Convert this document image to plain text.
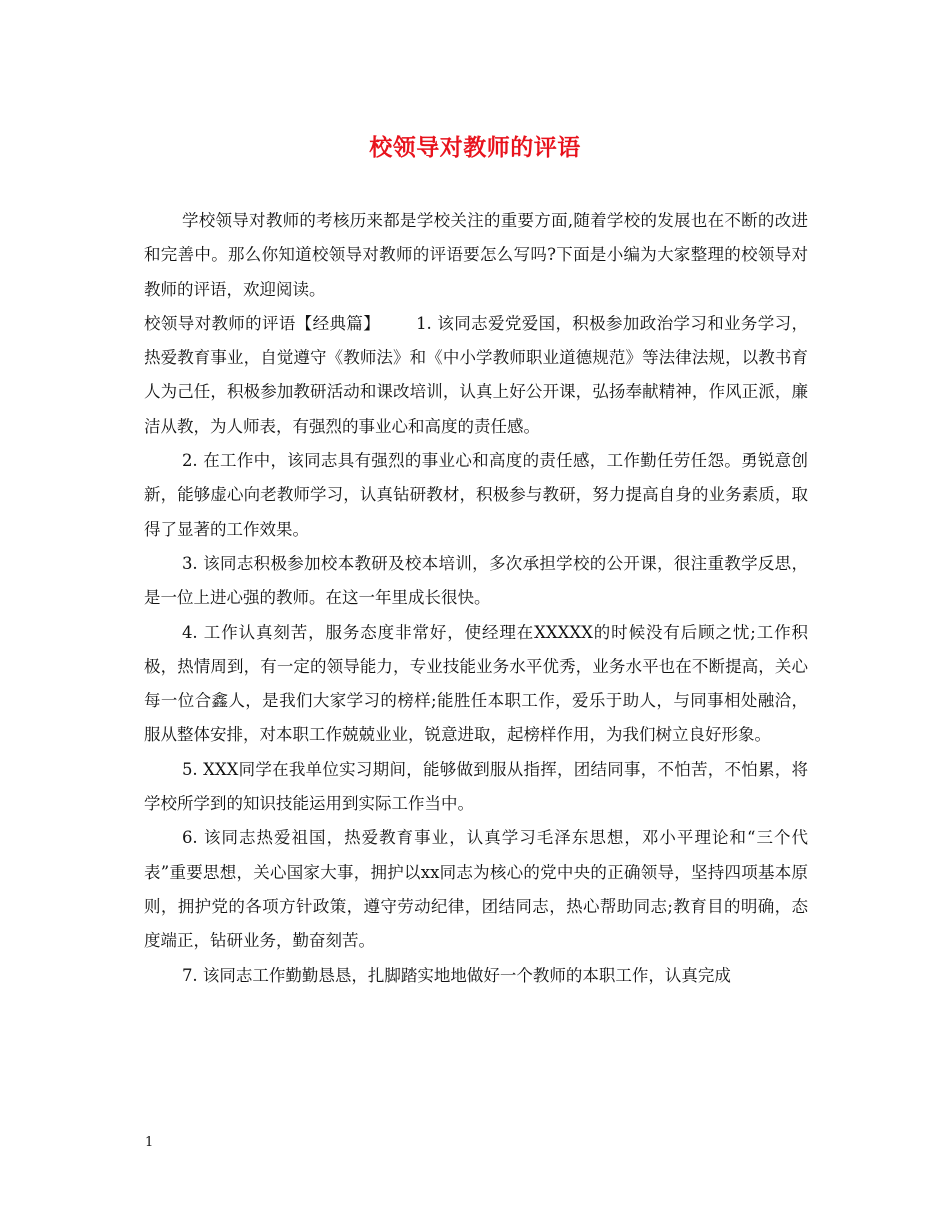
校领导对教师的评语

学校领导对教师的考核历来都是学校关注的重要方面,随着学校的发展也在不断的改进和完善中。那么你知道校领导对教师的评语要怎么写吗?下面是小编为大家整理的校领导对教师的评语，欢迎阅读。

校领导对教师的评语【经典篇】 1. 该同志爱党爱国，积极参加政治学习和业务学习，热爱教育事业，自觉遵守《教师法》和《中小学教师职业道德规范》等法律法规，以教书育人为己任，积极参加教研活动和课改培训，认真上好公开课，弘扬奉献精神，作风正派，廉洁从教，为人师表，有强烈的事业心和高度的责任感。

2. 在工作中，该同志具有强烈的事业心和高度的责任感，工作勤任劳任怨。勇锐意创新，能够虚心向老教师学习，认真钻研教材，积极参与教研，努力提高自身的业务素质，取得了显著的工作效果。

3. 该同志积极参加校本教研及校本培训，多次承担学校的公开课，很注重教学反思，是一位上进心强的教师。在这一年里成长很快。

4. 工作认真刻苦，服务态度非常好，使经理在XXXXX的时候没有后顾之忧;工作积极，热情周到，有一定的领导能力，专业技能业务水平优秀，业务水平也在不断提高，关心每一位合鑫人，是我们大家学习的榜样;能胜任本职工作，爱乐于助人，与同事相处融洽，服从整体安排，对本职工作兢兢业业，锐意进取，起榜样作用，为我们树立良好形象。

5. XXX同学在我单位实习期间，能够做到服从指挥，团结同事，不怕苦，不怕累，将学校所学到的知识技能运用到实际工作当中。

6. 该同志热爱祖国，热爱教育事业，认真学习毛泽东思想，邓小平理论和“三个代表”重要思想，关心国家大事，拥护以xx同志为核心的党中央的正确领导，坚持四项基本原则，拥护党的各项方针政策，遵守劳动纪律，团结同志，热心帮助同志;教育目的明确，态度端正，钻研业务，勤奋刻苦。

7. 该同志工作勤勤恳恳，扎脚踏实地地做好一个教师的本职工作，认真完成

1
